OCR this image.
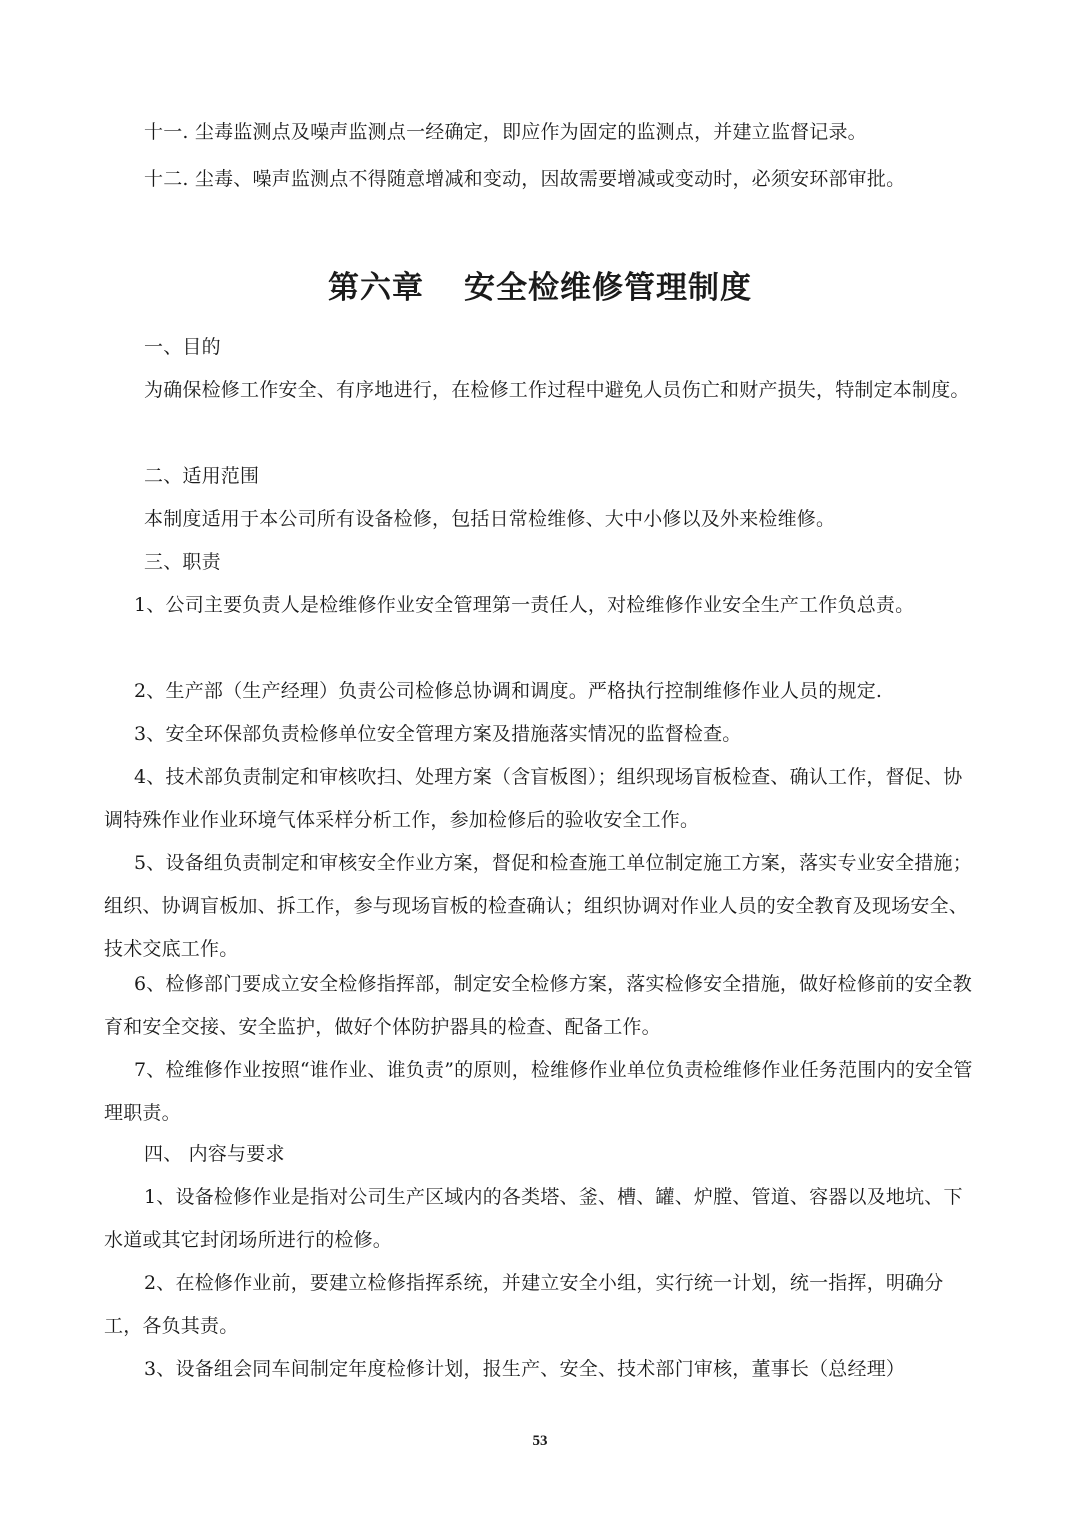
十一. 尘毒监测点及噪声监测点一经确定，即应作为固定的监测点，并建立监督记录。

十二. 尘毒、噪声监测点不得随意增减和变动，因故需要增减或变动时，必须安环部审批。

第六章 安全检维修管理制度

一、目的

为确保检修工作安全、有序地进行，在检修工作过程中避免人员伤亡和财产损失，特制定本制度。

二、适用范围

本制度适用于本公司所有设备检修，包括日常检维修、大中小修以及外来检维修。

三、职责

1、公司主要负责人是检维修作业安全管理第一责任人，对检维修作业安全生产工作负总责。

2、生产部（生产经理）负责公司检修总协调和调度。严格执行控制维修作业人员的规定.

3、安全环保部负责检修单位安全管理方案及措施落实情况的监督检查。

4、技术部负责制定和审核吹扫、处理方案（含盲板图）；组织现场盲板检查、确认工作，督促、协调特殊作业作业环境气体采样分析工作，参加检修后的验收安全工作。

5、设备组负责制定和审核安全作业方案，督促和检查施工单位制定施工方案，落实专业安全措施；组织、协调盲板加、拆工作，参与现场盲板的检查确认；组织协调对作业人员的安全教育及现场安全、技术交底工作。

6、检修部门要成立安全检修指挥部，制定安全检修方案，落实检修安全措施，做好检修前的安全教育和安全交接、安全监护，做好个体防护器具的检查、配备工作。

7、检维修作业按照“谁作业、谁负责”的原则，检维修作业单位负责检维修作业任务范围内的安全管理职责。

四、 内容与要求

1、设备检修作业是指对公司生产区域内的各类塔、釜、槽、罐、炉膛、管道、容器以及地坑、下水道或其它封闭场所进行的检修。

2、在检修作业前，要建立检修指挥系统，并建立安全小组，实行统一计划，统一指挥，明确分工，各负其责。

3、设备组会同车间制定年度检修计划，报生产、安全、技术部门审核，董事长（总经理）

53
